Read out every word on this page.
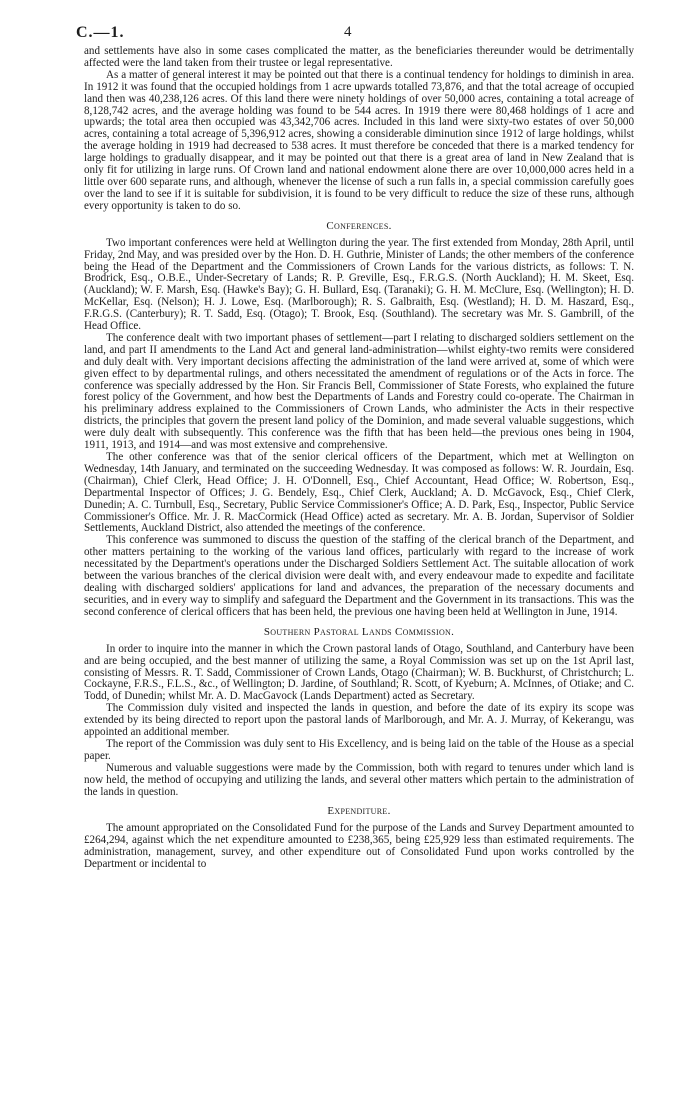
C.—1.	4

and settlements have also in some cases complicated the matter, as the beneficiaries thereunder would be detrimentally affected were the land taken from their trustee or legal representative.

As a matter of general interest it may be pointed out that there is a continual tendency for holdings to diminish in area. In 1912 it was found that the occupied holdings from 1 acre upwards totalled 73,876, and that the total acreage of occupied land then was 40,238,126 acres. Of this land there were ninety holdings of over 50,000 acres, containing a total acreage of 8,128,742 acres, and the average holding was found to be 544 acres. In 1919 there were 80,468 holdings of 1 acre and upwards; the total area then occupied was 43,342,706 acres. Included in this land were sixty-two estates of over 50,000 acres, containing a total acreage of 5,396,912 acres, showing a considerable diminution since 1912 of large holdings, whilst the average holding in 1919 had decreased to 538 acres. It must therefore be conceded that there is a marked tendency for large holdings to gradually disappear, and it may be pointed out that there is a great area of land in New Zealand that is only fit for utilizing in large runs. Of Crown land and national endowment alone there are over 10,000,000 acres held in a little over 600 separate runs, and although, whenever the license of such a run falls in, a special commission carefully goes over the land to see if it is suitable for subdivision, it is found to be very difficult to reduce the size of these runs, although every opportunity is taken to do so.

Conferences.

Two important conferences were held at Wellington during the year. The first extended from Monday, 28th April, until Friday, 2nd May, and was presided over by the Hon. D. H. Guthrie, Minister of Lands; the other members of the conference being the Head of the Department and the Commissioners of Crown Lands for the various districts, as follows: T. N. Brodrick, Esq., O.B.E., Under-Secretary of Lands; R. P. Greville, Esq., F.R.G.S. (North Auckland); H. M. Skeet, Esq. (Auckland); W. F. Marsh, Esq. (Hawke's Bay); G. H. Bullard, Esq. (Taranaki); G. H. M. McClure, Esq. (Wellington); H. D. McKellar, Esq. (Nelson); H. J. Lowe, Esq. (Marlborough); R. S. Galbraith, Esq. (Westland); H. D. M. Haszard, Esq., F.R.G.S. (Canterbury); R. T. Sadd, Esq. (Otago); T. Brook, Esq. (Southland). The secretary was Mr. S. Gambrill, of the Head Office.

The conference dealt with two important phases of settlement—part I relating to discharged soldiers settlement on the land, and part II amendments to the Land Act and general land-administration—whilst eighty-two remits were considered and duly dealt with. Very important decisions affecting the administration of the land were arrived at, some of which were given effect to by departmental rulings, and others necessitated the amendment of regulations or of the Acts in force. The conference was specially addressed by the Hon. Sir Francis Bell, Commissioner of State Forests, who explained the future forest policy of the Government, and how best the Departments of Lands and Forestry could co-operate. The Chairman in his preliminary address explained to the Commissioners of Crown Lands, who administer the Acts in their respective districts, the principles that govern the present land policy of the Dominion, and made several valuable suggestions, which were duly dealt with subsequently. This conference was the fifth that has been held—the previous ones being in 1904, 1911, 1913, and 1914—and was most extensive and comprehensive.

The other conference was that of the senior clerical officers of the Department, which met at Wellington on Wednesday, 14th January, and terminated on the succeeding Wednesday. It was composed as follows: W. R. Jourdain, Esq. (Chairman), Chief Clerk, Head Office; J. H. O'Donnell, Esq., Chief Accountant, Head Office; W. Robertson, Esq., Departmental Inspector of Offices; J. G. Bendely, Esq., Chief Clerk, Auckland; A. D. McGavock, Esq., Chief Clerk, Dunedin; A. C. Turnbull, Esq., Secretary, Public Service Commissioner's Office; A. D. Park, Esq., Inspector, Public Service Commissioner's Office. Mr. J. R. MacCormick (Head Office) acted as secretary. Mr. A. B. Jordan, Supervisor of Soldier Settlements, Auckland District, also attended the meetings of the conference.

This conference was summoned to discuss the question of the staffing of the clerical branch of the Department, and other matters pertaining to the working of the various land offices, particularly with regard to the increase of work necessitated by the Department's operations under the Discharged Soldiers Settlement Act. The suitable allocation of work between the various branches of the clerical division were dealt with, and every endeavour made to expedite and facilitate dealing with discharged soldiers' applications for land and advances, the preparation of the necessary documents and securities, and in every way to simplify and safeguard the Department and the Government in its transactions. This was the second conference of clerical officers that has been held, the previous one having been held at Wellington in June, 1914.

Southern Pastoral Lands Commission.

In order to inquire into the manner in which the Crown pastoral lands of Otago, Southland, and Canterbury have been and are being occupied, and the best manner of utilizing the same, a Royal Commission was set up on the 1st April last, consisting of Messrs. R. T. Sadd, Commissioner of Crown Lands, Otago (Chairman); W. B. Buckhurst, of Christchurch; L. Cockayne, F.R.S., F.L.S., &c., of Wellington; D. Jardine, of Southland; R. Scott, of Kyeburn; A. McInnes, of Otiake; and C. Todd, of Dunedin; whilst Mr. A. D. MacGavock (Lands Department) acted as Secretary.

The Commission duly visited and inspected the lands in question, and before the date of its expiry its scope was extended by its being directed to report upon the pastoral lands of Marlborough, and Mr. A. J. Murray, of Kekerangu, was appointed an additional member.

The report of the Commission was duly sent to His Excellency, and is being laid on the table of the House as a special paper.

Numerous and valuable suggestions were made by the Commission, both with regard to tenures under which land is now held, the method of occupying and utilizing the lands, and several other matters which pertain to the administration of the lands in question.

Expenditure.

The amount appropriated on the Consolidated Fund for the purpose of the Lands and Survey Department amounted to £264,294, against which the net expenditure amounted to £238,365, being £25,929 less than estimated requirements. The administration, management, survey, and other expenditure out of Consolidated Fund upon works controlled by the Department or incidental to
